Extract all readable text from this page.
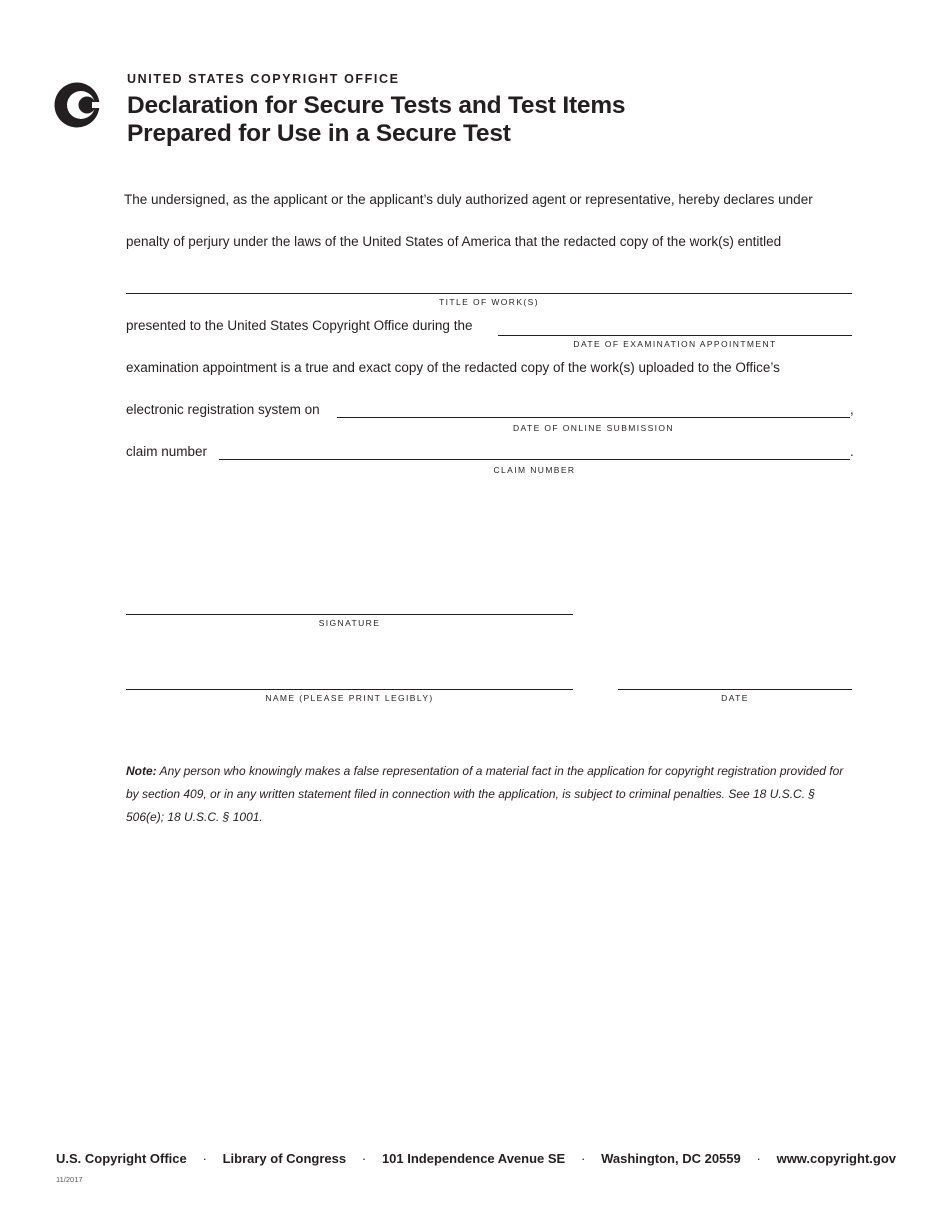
UNITED STATES COPYRIGHT OFFICE
Declaration for Secure Tests and Test Items
Prepared for Use in a Secure Test
The undersigned, as the applicant or the applicant’s duly authorized agent or representative, hereby declares under
penalty of perjury under the laws of the United States of America that the redacted copy of the work(s) entitled
TITLE OF WORK(S)
presented to the United States Copyright Office during the
DATE OF EXAMINATION APPOINTMENT
examination appointment is a true and exact copy of the redacted copy of the work(s) uploaded to the Office’s
electronic registration system on	,
DATE OF ONLINE SUBMISSION
claim number	.
CLAIM NUMBER
SIGNATURE
NAME (PLEASE PRINT LEGIBLY)	DATE
Note: Any person who knowingly makes a false representation of a material fact in the application for copyright registration provided for by section 409, or in any written statement filed in connection with the application, is subject to criminal penalties. See 18 U.S.C. § 506(e); 18 U.S.C. § 1001.
U.S. Copyright Office · Library of Congress · 101 Independence Avenue SE · Washington, DC 20559 · www.copyright.gov
11/2017
